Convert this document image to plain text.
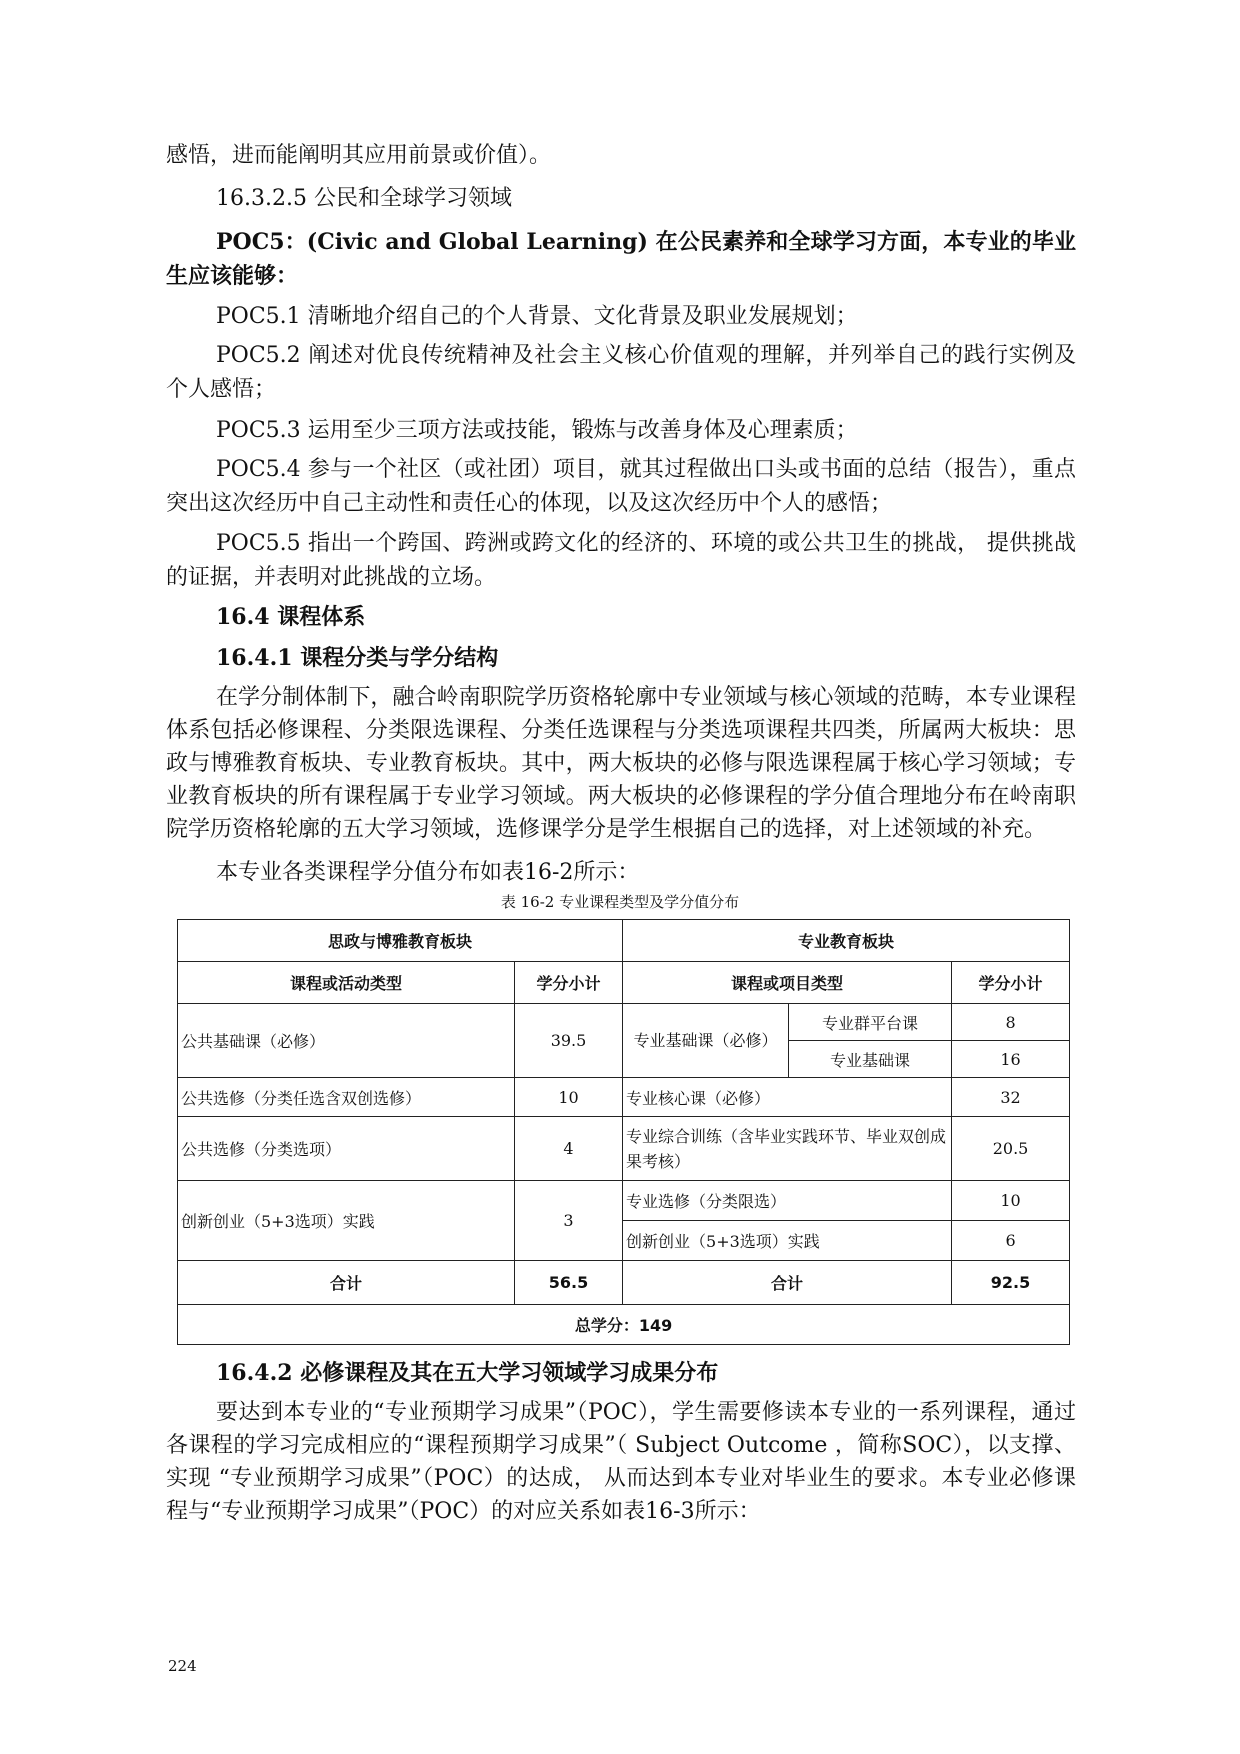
感悟，进而能阐明其应用前景或价值）。

16.3.2.5 公民和全球学习领域

POC5：(Civic and Global Learning) 在公民素养和全球学习方面，本专业的毕业生应该能够：

POC5.1 清晰地介绍自己的个人背景、文化背景及职业发展规划；

POC5.2 阐述对优良传统精神及社会主义核心价值观的理解，并列举自己的践行实例及个人感悟；

POC5.3 运用至少三项方法或技能，锻炼与改善身体及心理素质；

POC5.4 参与一个社区（或社团）项目，就其过程做出口头或书面的总结（报告），重点突出这次经历中自己主动性和责任心的体现，以及这次经历中个人的感悟；

POC5.5 指出一个跨国、跨洲或跨文化的经济的、环境的或公共卫生的挑战， 提供挑战的证据，并表明对此挑战的立场。

16.4 课程体系

16.4.1 课程分类与学分结构

在学分制体制下，融合岭南职院学历资格轮廓中专业领域与核心领域的范畴，本专业课程体系包括必修课程、分类限选课程、分类任选课程与分类选项课程共四类，所属两大板块：思政与博雅教育板块、专业教育板块。其中，两大板块的必修与限选课程属于核心学习领域；专业教育板块的所有课程属于专业学习领域。两大板块的必修课程的学分值合理地分布在岭南职院学历资格轮廓的五大学习领域，选修课学分是学生根据自己的选择，对上述领域的补充。

本专业各类课程学分值分布如表16-2所示：

表 16-2 专业课程类型及学分值分布
思政与博雅教育板块		专业教育板块		
课程或活动类型	学分小计	课程或项目类型		学分小计
公共基础课（必修）	39.5	专业基础课（必修）	专业群平台课	8
			专业基础课	16
公共选修（分类任选含双创选修）	10	专业核心课（必修）		32
公共选修（分类选项）	4	专业综合训练（含毕业实践环节、毕业双创成果考核）		20.5
创新创业（5+3选项）实践	3	专业选修（分类限选）		10
		创新创业（5+3选项）实践		6
合计	56.5	合计		92.5
总学分：149				

16.4.2 必修课程及其在五大学习领域学习成果分布

要达到本专业的“专业预期学习成果”（POC），学生需要修读本专业的一系列课程，通过各课程的学习完成相应的“课程预期学习成果”（ Subject Outcome ，简称SOC），以支撑、实现 “专业预期学习成果”（POC）的达成， 从而达到本专业对毕业生的要求。本专业必修课程与“专业预期学习成果”（POC）的对应关系如表16-3所示：

224
